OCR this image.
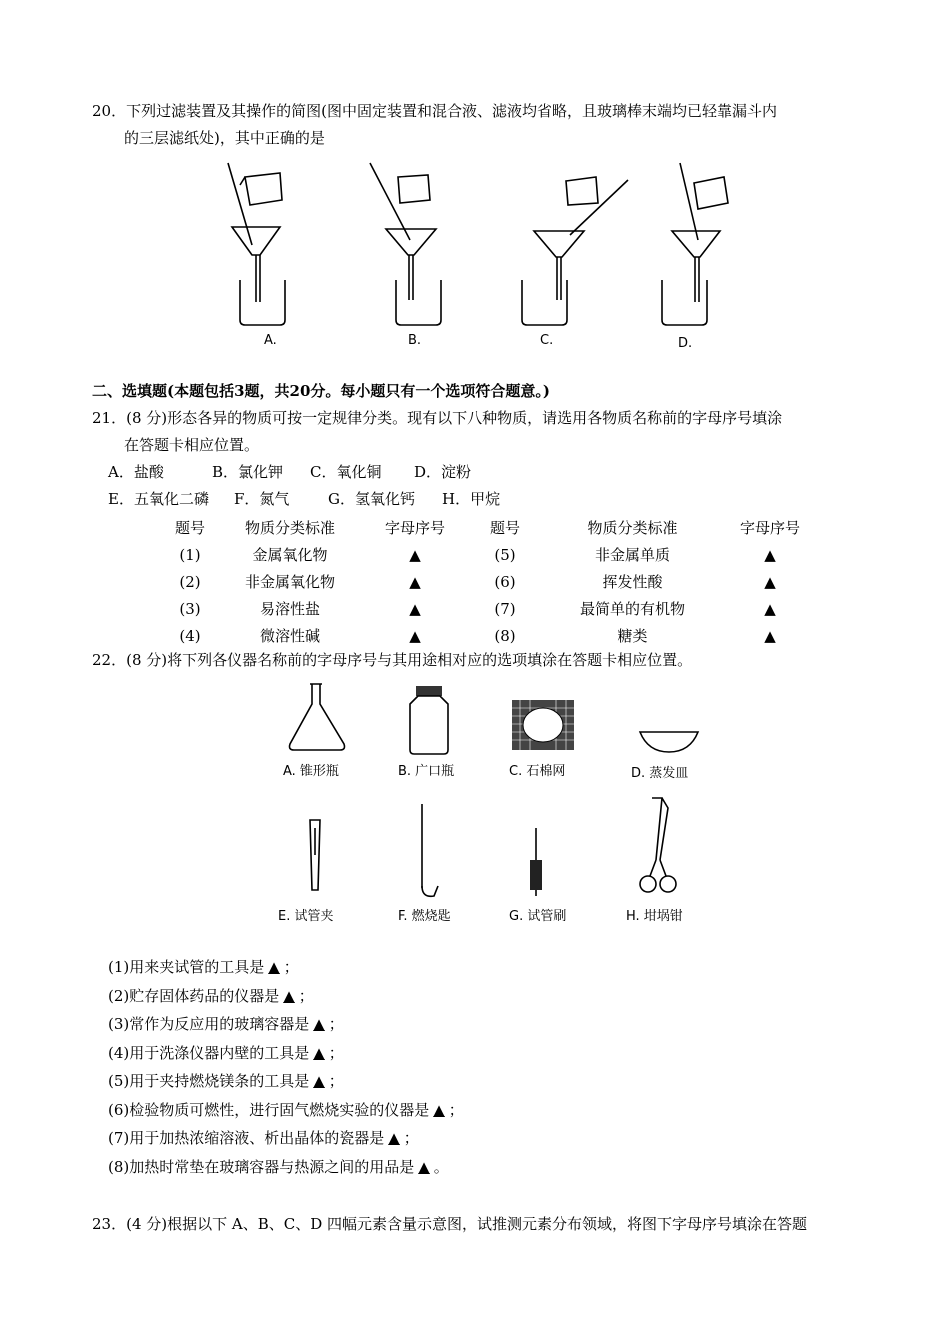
20．下列过滤装置及其操作的简图(图中固定装置和混合液、滤液均省略，且玻璃棒末端均已轻靠漏斗内
的三层滤纸处)，其中正确的是
A.	B.	C.	D.
二、选填题(本题包括3题，共20分。每小题只有一个选项符合题意。)
21．(8 分)形态各异的物质可按一定规律分类。现有以下八种物质，请选用各物质名称前的字母序号填涂
在答题卡相应位置。
A．盐酸	B．氯化钾 C．氧化铜 D．淀粉
E．五氧化二磷 F．氮气	G．氢氧化钙 H．甲烷
题号	物质分类标准	字母序号	题号	物质分类标准	字母序号
(1)	金属氧化物	▲	(5)	非金属单质	▲
(2)	非金属氧化物	▲	(6)	挥发性酸	▲
(3)	易溶性盐	▲	(7)	最简单的有机物	▲
(4)	微溶性碱	▲	(8)	糖类	▲
22．(8 分)将下列各仪器名称前的字母序号与其用途相对应的选项填涂在答题卡相应位置。
A. 锥形瓶	B. 广口瓶	C. 石棉网	D. 蒸发皿
E. 试管夹	F. 燃烧匙	G. 试管刷	H. 坩埚钳
(1)用来夹试管的工具是 ▲ ；
(2)贮存固体药品的仪器是 ▲ ；
(3)常作为反应用的玻璃容器是 ▲ ；
(4)用于洗涤仪器内壁的工具是 ▲ ；
(5)用于夹持燃烧镁条的工具是 ▲ ；
(6)检验物质可燃性，进行固气燃烧实验的仪器是 ▲ ；
(7)用于加热浓缩溶液、析出晶体的瓷器是 ▲ ；
(8)加热时常垫在玻璃容器与热源之间的用品是 ▲ 。
23．(4 分)根据以下 A、B、C、D 四幅元素含量示意图，试推测元素分布领域，将图下字母序号填涂在答题
